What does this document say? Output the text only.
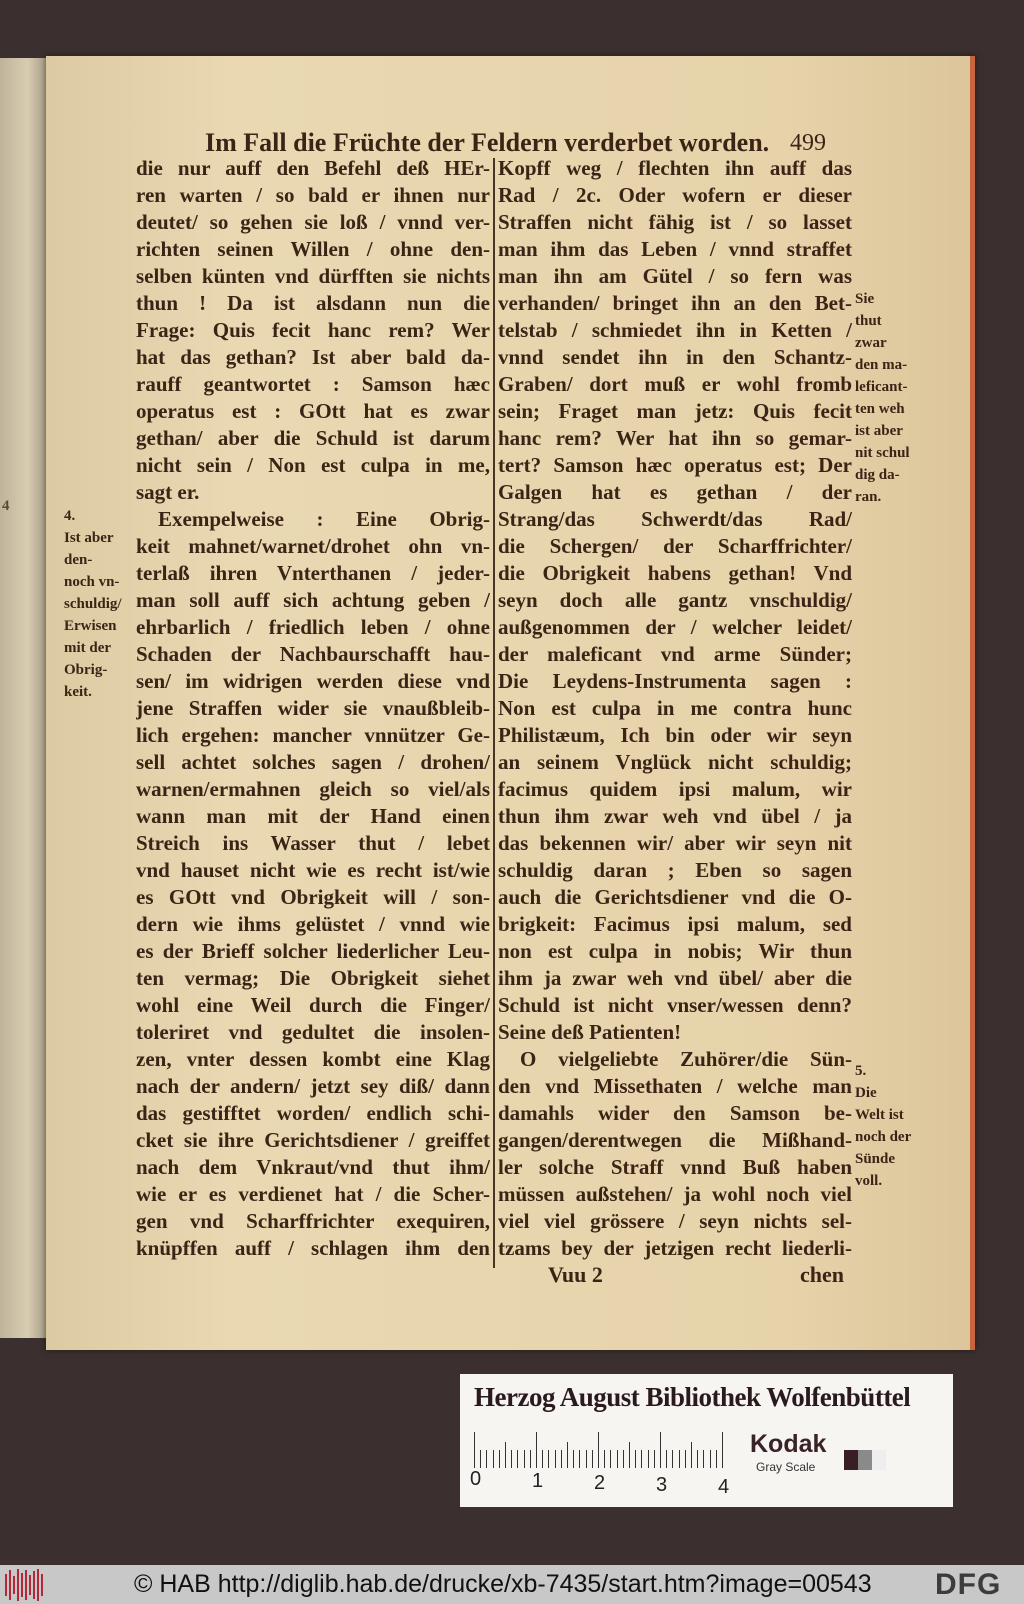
4
Im Fall die Früchte der Feldern verderbet worden. 499
die nur auff den Befehl deß HEr-
ren warten / so bald er ihnen nur
deutet/ so gehen sie loß / vnnd ver-
richten seinen Willen / ohne den-
selben künten vnd dürfften sie nichts
thun ! Da ist alsdann nun die
Frage: Quis fecit hanc rem? Wer
hat das gethan? Ist aber bald da-
rauff geantwortet : Samson hæc
operatus est : GOtt hat es zwar
gethan/ aber die Schuld ist darum
nicht sein / Non est culpa in me,
sagt er.
Exempelweise : Eine Obrig-
keit mahnet/warnet/drohet ohn vn-
terlaß ihren Vnterthanen / jeder-
man soll auff sich achtung geben /
ehrbarlich / friedlich leben / ohne
Schaden der Nachbaurschafft hau-
sen/ im widrigen werden diese vnd
jene Straffen wider sie vnaußbleib-
lich ergehen: mancher vnnützer Ge-
sell achtet solches sagen / drohen/
warnen/ermahnen gleich so viel/als
wann man mit der Hand einen
Streich ins Wasser thut / lebet
vnd hauset nicht wie es recht ist/wie
es GOtt vnd Obrigkeit will / son-
dern wie ihms gelüstet / vnnd wie
es der Brieff solcher liederlicher Leu-
ten vermag; Die Obrigkeit siehet
wohl eine Weil durch die Finger/
toleriret vnd gedultet die insolen-
zen, vnter dessen kombt eine Klag
nach der andern/ jetzt sey diß/ dann
das gestifftet worden/ endlich schi-
cket sie ihre Gerichtsdiener / greiffet
nach dem Vnkraut/vnd thut ihm/
wie er es verdienet hat / die Scher-
gen vnd Scharffrichter exequiren,
knüpffen auff / schlagen ihm den
Kopff weg / flechten ihn auff das
Rad / 2c. Oder wofern er dieser
Straffen nicht fähig ist / so lasset
man ihm das Leben / vnnd straffet
man ihn am Gütel / so fern was
verhanden/ bringet ihn an den Bet-
telstab / schmiedet ihn in Ketten /
vnnd sendet ihn in den Schantz-
Graben/ dort muß er wohl fromb
sein; Fraget man jetz: Quis fecit
hanc rem? Wer hat ihn so gemar-
tert? Samson hæc operatus est; Der
Galgen hat es gethan / der
Strang/das Schwerdt/das Rad/
die Schergen/ der Scharffrichter/
die Obrigkeit habens gethan! Vnd
seyn doch alle gantz vnschuldig/
außgenommen der / welcher leidet/
der maleficant vnd arme Sünder;
Die Leydens-Instrumenta sagen :
Non est culpa in me contra hunc
Philistæum, Ich bin oder wir seyn
an seinem Vnglück nicht schuldig;
facimus quidem ipsi malum, wir
thun ihm zwar weh vnd übel / ja
das bekennen wir/ aber wir seyn nit
schuldig daran ; Eben so sagen
auch die Gerichtsdiener vnd die O-
brigkeit: Facimus ipsi malum, sed
non est culpa in nobis; Wir thun
ihm ja zwar weh vnd übel/ aber die
Schuld ist nicht vnser/wessen denn?
Seine deß Patienten!
O vielgeliebte Zuhörer/die Sün-
den vnd Missethaten / welche man
damahls wider den Samson be-
gangen/derentwegen die Mißhand-
ler solche Straff vnnd Buß haben
müssen außstehen/ ja wohl noch viel
viel viel grössere / seyn nichts sel-
tzams bey der jetzigen recht liederli-
4.
Ist aber
den-
noch vn-
schuldig/
Erwisen
mit der
Obrig-
keit.
Sie
thut
zwar
den ma-
leficant-
ten weh
ist aber
nit schul
dig da-
ran.
5.
Die
Welt ist
noch der
Sünde
voll.
Vuu 2	chen
Herzog August Bibliothek Wolfenbüttel
0	1	2	3	4
Kodak
Gray Scale
© HAB http://diglib.hab.de/drucke/xb-7435/start.htm?image=00543 DFG
